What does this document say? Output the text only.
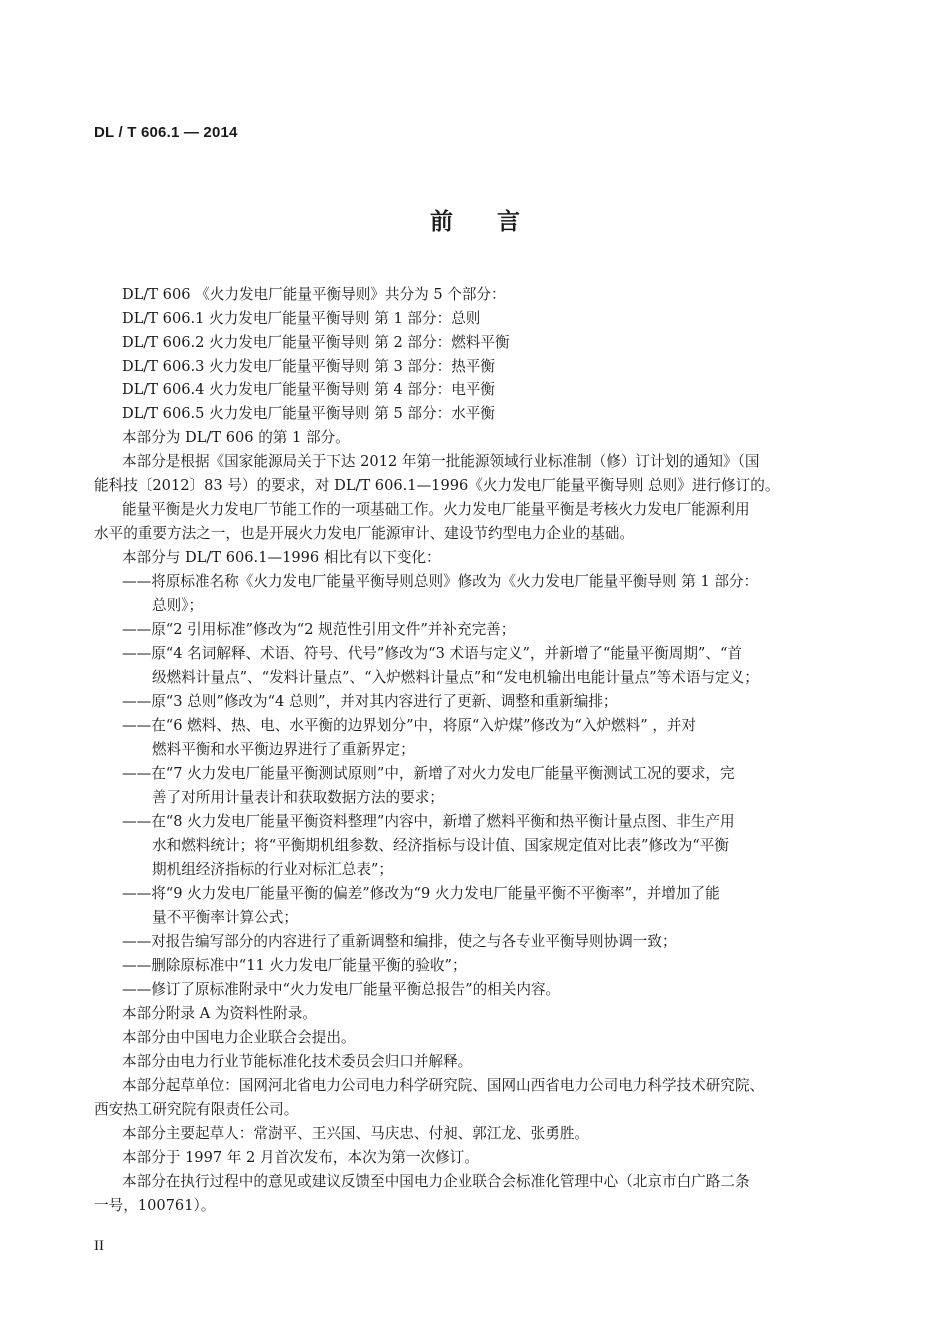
DL / T 606.1 — 2014
前言
DL/T 606 《火力发电厂能量平衡导则》共分为 5 个部分：
DL/T 606.1 火力发电厂能量平衡导则 第 1 部分：总则
DL/T 606.2 火力发电厂能量平衡导则 第 2 部分：燃料平衡
DL/T 606.3 火力发电厂能量平衡导则 第 3 部分：热平衡
DL/T 606.4 火力发电厂能量平衡导则 第 4 部分：电平衡
DL/T 606.5 火力发电厂能量平衡导则 第 5 部分：水平衡
本部分为 DL/T 606 的第 1 部分。
本部分是根据《国家能源局关于下达 2012 年第一批能源领域行业标准制（修）订计划的通知》（国
能科技〔2012〕83 号）的要求，对 DL/T 606.1—1996《火力发电厂能量平衡导则 总则》进行修订的。
能量平衡是火力发电厂节能工作的一项基础工作。火力发电厂能量平衡是考核火力发电厂能源利用
水平的重要方法之一，也是开展火力发电厂能源审计、建设节约型电力企业的基础。
本部分与 DL/T 606.1—1996 相比有以下变化：
——将原标准名称《火力发电厂能量平衡导则总则》修改为《火力发电厂能量平衡导则 第 1 部分：
总则》；
——原“2 引用标准”修改为“2 规范性引用文件”并补充完善；
——原“4 名词解释、术语、符号、代号”修改为“3 术语与定义”，并新增了“能量平衡周期”、“首
级燃料计量点”、“发料计量点”、“入炉燃料计量点”和“发电机输出电能计量点”等术语与定义；
——原“3 总则”修改为“4 总则”，并对其内容进行了更新、调整和重新编排；
——在“6 燃料、热、电、水平衡的边界划分”中，将原“入炉煤”修改为“入炉燃料” ，并对
燃料平衡和水平衡边界进行了重新界定；
——在“7 火力发电厂能量平衡测试原则”中，新增了对火力发电厂能量平衡测试工况的要求，完
善了对所用计量表计和获取数据方法的要求；
——在“8 火力发电厂能量平衡资料整理”内容中，新增了燃料平衡和热平衡计量点图、非生产用
水和燃料统计；将“平衡期机组参数、经济指标与设计值、国家规定值对比表”修改为“平衡
期机组经济指标的行业对标汇总表”；
——将“9 火力发电厂能量平衡的偏差”修改为“9 火力发电厂能量平衡不平衡率”，并增加了能
量不平衡率计算公式；
——对报告编写部分的内容进行了重新调整和编排，使之与各专业平衡导则协调一致；
——删除原标准中“11 火力发电厂能量平衡的验收”；
——修订了原标准附录中“火力发电厂能量平衡总报告”的相关内容。
本部分附录 A 为资料性附录。
本部分由中国电力企业联合会提出。
本部分由电力行业节能标准化技术委员会归口并解释。
本部分起草单位：国网河北省电力公司电力科学研究院、国网山西省电力公司电力科学技术研究院、
西安热工研究院有限责任公司。
本部分主要起草人：常澍平、王兴国、马庆忠、付昶、郭江龙、张勇胜。
本部分于 1997 年 2 月首次发布，本次为第一次修订。
本部分在执行过程中的意见或建议反馈至中国电力企业联合会标准化管理中心（北京市白广路二条
一号，100761）。
II
